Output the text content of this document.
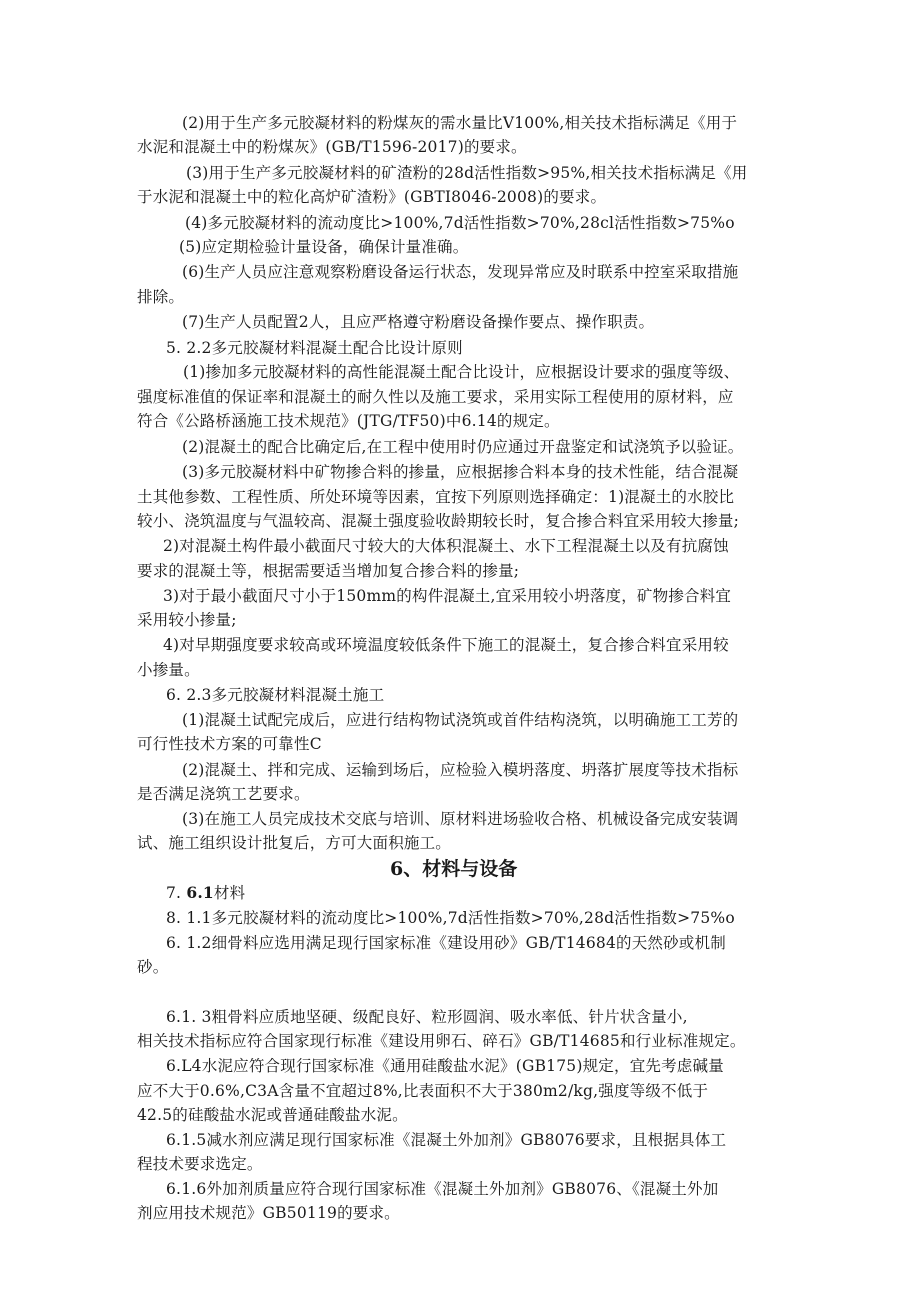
(2)用于生产多元胶凝材料的粉煤灰的需水量比V100%,相关技术指标满足《用于
水泥和混凝土中的粉煤灰》(GB/T1596-2017)的要求。
(3)用于生产多元胶凝材料的矿渣粉的28d活性指数>95%,相关技术指标满足《用
于水泥和混凝土中的粒化高炉矿渣粉》(GBTI8046-2008)的要求。
(4)多元胶凝材料的流动度比>100%,7d活性指数>70%,28cl活性指数>75%o
(5)应定期检验计量设备，确保计量准确。
(6)生产人员应注意观察粉磨设备运行状态，发现异常应及时联系中控室采取措施
排除。
(7)生产人员配置2人，且应严格遵守粉磨设备操作要点、操作职责。
5. 2.2多元胶凝材料混凝土配合比设计原则
(1)掺加多元胶凝材料的高性能混凝土配合比设计，应根据设计要求的强度等级、
强度标准值的保证率和混凝土的耐久性以及施工要求，采用实际工程使用的原材料，应
符合《公路桥涵施工技术规范》(JTG/TF50)中6.14的规定。
(2)混凝土的配合比确定后,在工程中使用时仍应通过开盘鉴定和试浇筑予以验证。
(3)多元胶凝材料中矿物掺合料的掺量，应根据掺合料本身的技术性能，结合混凝
土其他参数、工程性质、所处环境等因素，宜按下列原则选择确定：1)混凝土的水胶比
较小、浇筑温度与气温较高、混凝土强度验收龄期较长时，复合掺合料宜采用较大掺量;
2)对混凝土构件最小截面尺寸较大的大体积混凝土、水下工程混凝土以及有抗腐蚀
要求的混凝土等，根据需要适当增加复合掺合料的掺量;
3)对于最小截面尺寸小于150mm的构件混凝土,宜采用较小坍落度，矿物掺合料宜
采用较小掺量;
4)对早期强度要求较高或环境温度较低条件下施工的混凝土，复合掺合料宜采用较
小掺量。
6. 2.3多元胶凝材料混凝土施工
(1)混凝土试配完成后，应进行结构物试浇筑或首件结构浇筑，以明确施工工芳的
可行性技术方案的可靠性C
(2)混凝土、拌和完成、运输到场后，应检验入模坍落度、坍落扩展度等技术指标
是否满足浇筑工艺要求。
(3)在施工人员完成技术交底与培训、原材料进场验收合格、机械设备完成安装调
试、施工组织设计批复后，方可大面积施工。
6、材料与设备
7. 6.1材料
8. 1.1多元胶凝材料的流动度比>100%,7d活性指数>70%,28d活性指数>75%o
6. 1.2细骨料应选用满足现行国家标准《建设用砂》GB/T14684的天然砂或机制
砂。
6.1. 3粗骨料应质地坚硬、级配良好、粒形圆润、吸水率低、针片状含量小,
相关技术指标应符合国家现行标准《建设用卵石、碎石》GB/T14685和行业标准规定。
6.L4水泥应符合现行国家标准《通用硅酸盐水泥》(GB175)规定，宜先考虑碱量
应不大于0.6%,C3A含量不宜超过8%,比表面积不大于380m2/kg,强度等级不低于
42.5的硅酸盐水泥或普通硅酸盐水泥。
6.1.5减水剂应满足现行国家标准《混凝土外加剂》GB8076要求，且根据具体工
程技术要求选定。
6.1.6外加剂质量应符合现行国家标准《混凝土外加剂》GB8076、《混凝土外加
剂应用技术规范》GB50119的要求。
